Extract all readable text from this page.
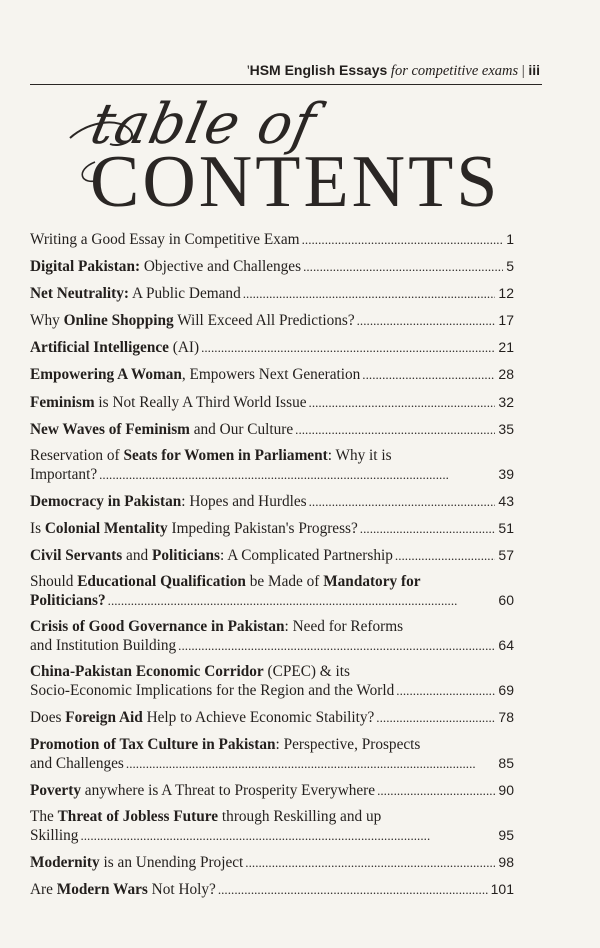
'HSM English Essays for competitive exams | iii
table of
CONTENTS
Writing a Good Essay in Competitive Exam . . .	1
Digital Pakistan: Objective and Challenges . . .	5
Net Neutrality: A Public Demand . . .	12
Why Online Shopping Will Exceed All Predictions? . . .	17
Artificial Intelligence (AI) . . .	21
Empowering A Woman, Empowers Next Generation . . .	28
Feminism is Not Really A Third World Issue . . .	32
New Waves of Feminism and Our Culture . . .	35
Reservation of Seats for Women in Parliament: Why it is
Important? . . .	39
Democracy in Pakistan: Hopes and Hurdles . . .	43
Is Colonial Mentality Impeding Pakistan's Progress? . . .	51
Civil Servants and Politicians: A Complicated Partnership . . .	57
Should Educational Qualification be Made of Mandatory for
Politicians? . . .	60
Crisis of Good Governance in Pakistan: Need for Reforms
and Institution Building . . .	64
China-Pakistan Economic Corridor (CPEC) & its
Socio-Economic Implications for the Region and the World . . .	69
Does Foreign Aid Help to Achieve Economic Stability? . . .	78
Promotion of Tax Culture in Pakistan: Perspective, Prospects
and Challenges . . .	85
Poverty anywhere is A Threat to Prosperity Everywhere . . .	90
The Threat of Jobless Future through Reskilling and up
Skilling . . .	95
Modernity is an Unending Project . . .	98
Are Modern Wars Not Holy? . . .	101
